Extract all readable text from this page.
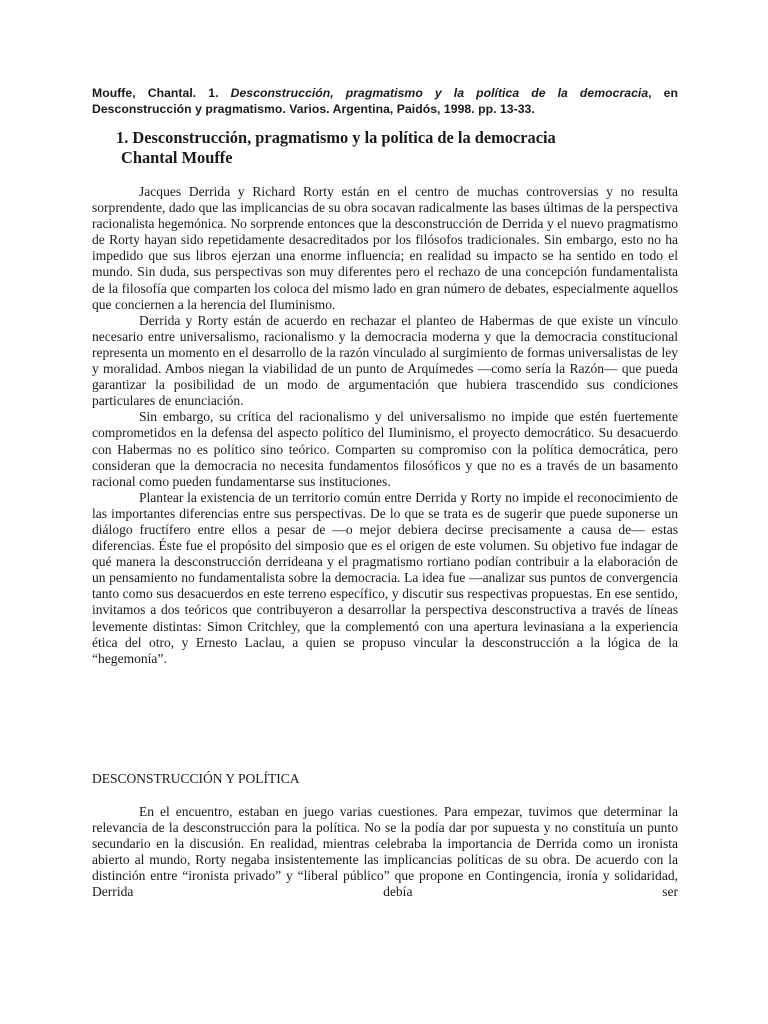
Mouffe, Chantal. 1. Desconstrucción, pragmatismo y la política de la democracia, en Desconstrucción y pragmatismo. Varios. Argentina, Paidós, 1998. pp. 13-33.
1. Desconstrucción, pragmatismo y la política de la democracia
Chantal Mouffe

Jacques Derrida y Richard Rorty están en el centro de muchas controversias y no resulta sorprendente, dado que las implicancias de su obra socavan radicalmente las bases últimas de la perspectiva racionalista hegemónica. No sorprende entonces que la desconstrucción de Derrida y el nuevo pragmatismo de Rorty hayan sido repetidamente desacreditados por los filósofos tradicionales. Sin embargo, esto no ha impedido que sus libros ejerzan una enorme influencia; en realidad su impacto se ha sentido en todo el mundo. Sin duda, sus perspectivas son muy diferentes pero el rechazo de una concepción fundamentalista de la filosofía que comparten los coloca del mismo lado en gran número de debates, especialmente aquellos que conciernen a la herencia del Iluminismo.

Derrida y Rorty están de acuerdo en rechazar el planteo de Habermas de que existe un vínculo necesario entre universalismo, racionalismo y la democracia moderna y que la democracia constitucional representa un momento en el desarrollo de la razón vinculado al surgimiento de formas universalistas de ley y moralidad. Ambos niegan la viabilidad de un punto de Arquímedes —como sería la Razón— que pueda garantizar la posibilidad de un modo de argumentación que hubiera trascendido sus condiciones particulares de enunciación.

Sin embargo, su crítica del racionalismo y del universalismo no impide que estén fuertemente comprometidos en la defensa del aspecto político del Iluminismo, el proyecto democrático. Su desacuerdo con Habermas no es político sino teórico. Comparten su compromiso con la política democrática, pero consideran que la democracia no necesita fundamentos filosóficos y que no es a través de un basamento racional como pueden fundamentarse sus instituciones.

Plantear la existencia de un territorio común entre Derrida y Rorty no impide el reconocimiento de las importantes diferencias entre sus perspectivas. De lo que se trata es de sugerir que puede suponerse un diálogo fructífero entre ellos a pesar de —o mejor debiera decirse precisamente a causa de— estas diferencias. Éste fue el propósito del simposio que es el origen de este volumen. Su objetivo fue indagar de qué manera la desconstrucción derrideana y el pragmatismo rortiano podían contribuir a la elaboración de un pensamiento no fundamentalista sobre la democracia. La idea fue —analizar sus puntos de convergencia tanto como sus desacuerdos en este terreno específico, y discutir sus respectivas propuestas. En ese sentido, invitamos a dos teóricos que contribuyeron a desarrollar la perspectiva desconstructiva a través de líneas levemente distintas: Simon Critchley, que la complementó con una apertura levinasiana a la experiencia ética del otro, y Ernesto Laclau, a quien se propuso vincular la desconstrucción a la lógica de la “hegemonía”.

DESCONSTRUCCIÓN Y POLÍTICA

En el encuentro, estaban en juego varias cuestiones. Para empezar, tuvimos que determinar la relevancia de la desconstrucción para la política. No se la podía dar por supuesta y no constituía un punto secundario en la discusión. En realidad, mientras celebraba la importancia de Derrida como un ironista abierto al mundo, Rorty negaba insistentemente las implicancias políticas de su obra. De acuerdo con la distinción entre “ironista privado” y “liberal público” que propone en Contingencia, ironía y solidaridad, Derrida debía ser
